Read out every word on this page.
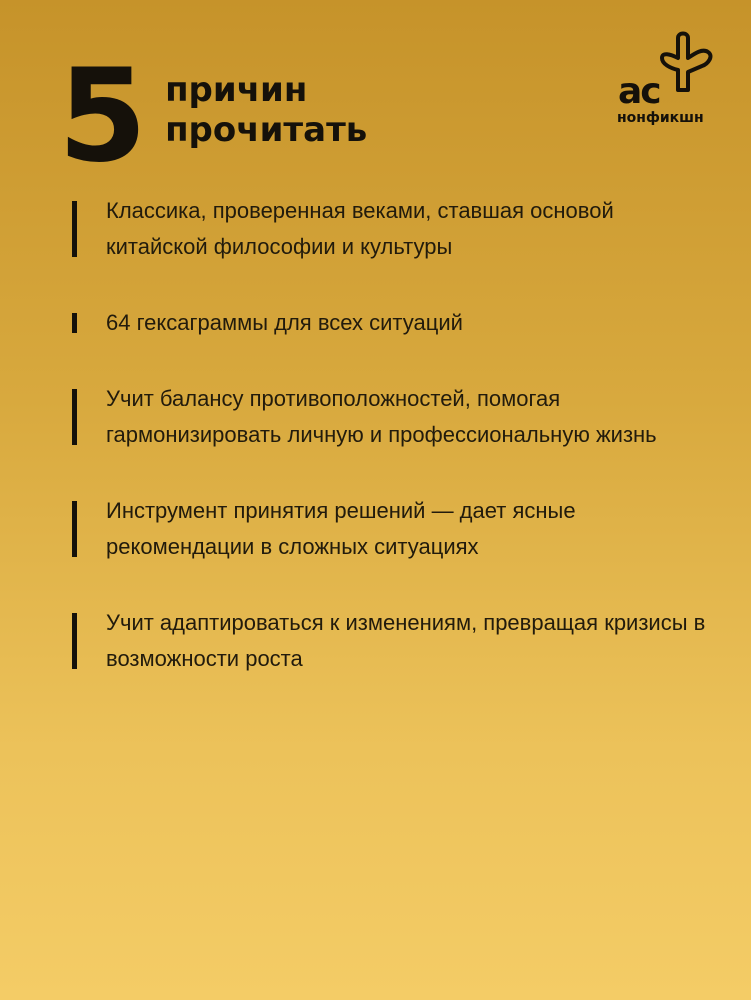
5 причин
прочитать
ac
нонфикшн
Классика, проверенная веками, ставшая основой китайской философии и культуры
64 гексаграммы для всех ситуаций
Учит балансу противоположностей, помогая гармонизировать личную и профессиональную жизнь
Инструмент принятия решений — дает ясные рекомендации в сложных ситуациях
Учит адаптироваться к изменениям, превращая кризисы в возможности роста
